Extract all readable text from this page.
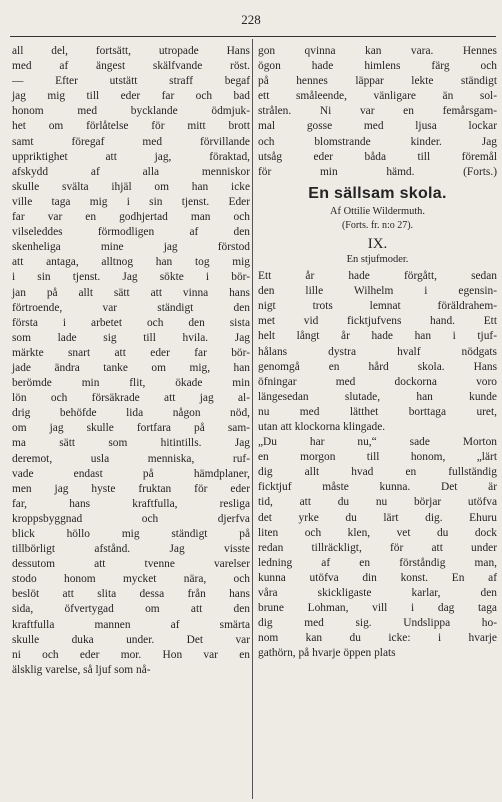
228
all del, fortsätt, utropade Hans
med af ängest skälfvande röst.
— Efter utstätt straff begaf
jag mig till eder far och bad
honom med bycklande ödmjuk-
het om förlåtelse för mitt brott
samt föregaf med förvillande
uppriktighet att jag, föraktad,
afskydd af alla menniskor
skulle svälta ihjäl om han icke
ville taga mig i sin tjenst. Eder
far var en godhjertad man och
vilseleddes förmodligen af den
skenheliga mine jag förstod
att antaga, alltnog han tog mig
i sin tjenst. Jag sökte i bör-
jan på allt sätt att vinna hans
förtroende, var ständigt den
första i arbetet och den sista
som lade sig till hvila. Jag
märkte snart att eder far bör-
jade ändra tanke om mig, han
berömde min flit, ökade min
lön och försäkrade att jag al-
drig behöfde lida någon nöd,
om jag skulle fortfara på sam-
ma sätt som hitintills. Jag
deremot, usla menniska, ruf-
vade endast på hämdplaner,
men jag hyste fruktan för eder
far, hans kraftfulla, resliga
kroppsbyggnad och djerfva
blick höllo mig ständigt på
tillbörligt afstånd. Jag visste
dessutom att tvenne varelser
stodo honom mycket nära, och
beslöt att slita dessa från hans
sida, öfvertygad om att den
kraftfulla mannen af smärta
skulle duka under. Det var
ni och eder mor. Hon var en
älsklig varelse, så ljuf som nå-
gon qvinna kan vara. Hennes
ögon hade himlens färg och
på hennes läppar lekte ständigt
ett småleende, vänligare än sol-
strålen. Ni var en femårsgam-
mal gosse med ljusa lockar
och blomstrande kinder. Jag
utsåg eder båda till föremål
för min hämd. (Forts.)
En sällsam skola.
Af Ottilie Wildermuth.
(Forts. fr. n:o 27).
IX.
En stjufmoder.
Ett år hade förgått, sedan
den lille Wilhelm i egensin-
nigt trots lemnat föräldrahem-
met vid ficktjufvens hand. Ett
helt långt år hade han i tjuf-
hålans dystra hvalf nödgats
genomgå en hård skola. Hans
öfningar med dockorna voro
längesedan slutade, han kunde
nu med lätthet borttaga uret,
utan att klockorna klingade.
„Du har nu,“ sade Morton
en morgon till honom, „lärt
dig allt hvad en fullständig
ficktjuf måste kunna. Det är
tid, att du nu börjar utöfva
det yrke du lärt dig. Ehuru
liten och klen, vet du dock
redan tillräckligt, för att under
ledning af en förståndig man,
kunna utöfva din konst. En af
våra skickligaste karlar, den
brune Lohman, vill i dag taga
dig med sig. Undslippa ho-
nom kan du icke: i hvarje
gathörn, på hvarje öppen plats
